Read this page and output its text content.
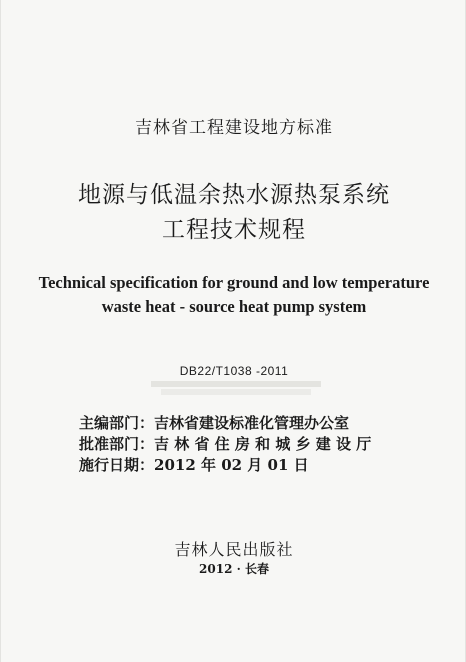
吉林省工程建设地方标准
地源与低温余热水源热泵系统
工程技术规程
Technical specification for ground and low temperature
waste heat - source heat pump system
DB22/T1038 -2011
主编部门：吉林省建设标准化管理办公室
批准部门：吉 林 省 住 房 和 城 乡 建 设 厅
施行日期：2012 年 02 月 01 日
吉林人民出版社
2012 · 长春
